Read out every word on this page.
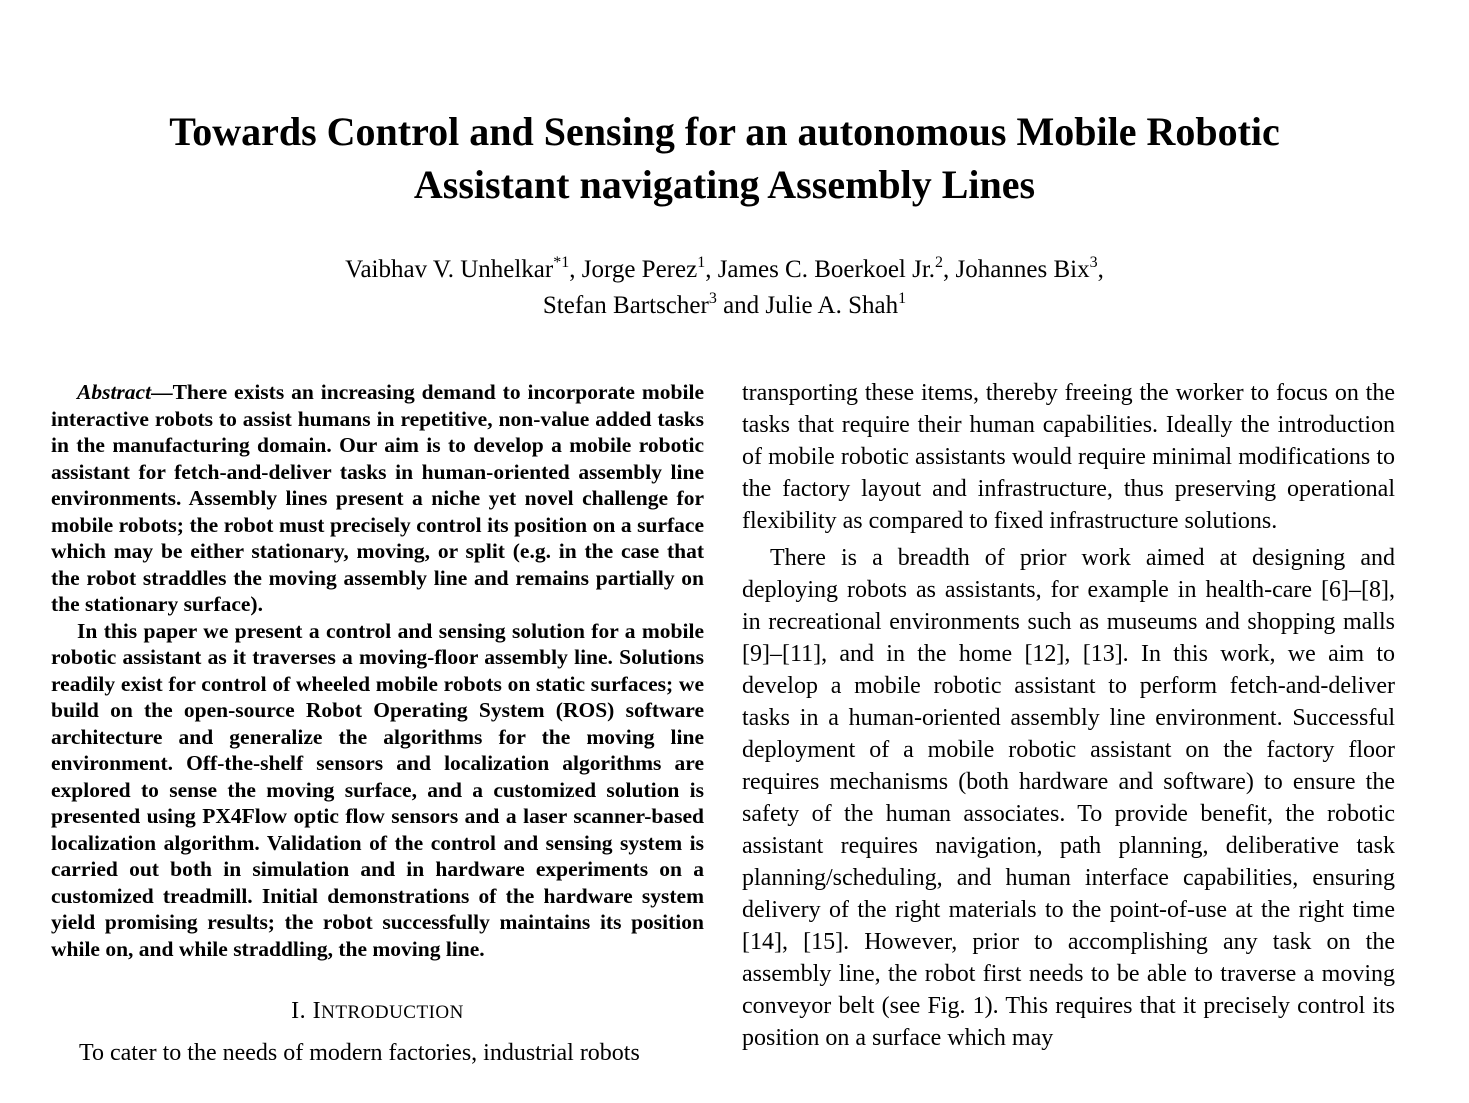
Towards Control and Sensing for an autonomous Mobile Robotic
Assistant navigating Assembly Lines
Vaibhav V. Unhelkar$^{*1}$, Jorge Perez$^1$, James C. Boerkoel Jr.$^2$, Johannes Bix$^3$,
Stefan Bartscher$^3$ and Julie A. Shah$^1$

Abstract—There exists an increasing demand to incorporate mobile interactive robots to assist humans in repetitive, non-value added tasks in the manufacturing domain. Our aim is to develop a mobile robotic assistant for fetch-and-deliver tasks in human-oriented assembly line environments. Assembly lines present a niche yet novel challenge for mobile robots; the robot must precisely control its position on a surface which may be either stationary, moving, or split (e.g. in the case that the robot straddles the moving assembly line and remains partially on the stationary surface).

In this paper we present a control and sensing solution for a mobile robotic assistant as it traverses a moving-floor assembly line. Solutions readily exist for control of wheeled mobile robots on static surfaces; we build on the open-source Robot Operating System (ROS) software architecture and generalize the algorithms for the moving line environment. Off-the-shelf sensors and localization algorithms are explored to sense the moving surface, and a customized solution is presented using PX4Flow optic flow sensors and a laser scanner-based localization algorithm. Validation of the control and sensing system is carried out both in simulation and in hardware experiments on a customized treadmill. Initial demonstrations of the hardware system yield promising results; the robot successfully maintains its position while on, and while straddling, the moving line.

I. INTRODUCTION

To cater to the needs of modern factories, industrial robots

transporting these items, thereby freeing the worker to focus on the tasks that require their human capabilities. Ideally the introduction of mobile robotic assistants would require minimal modifications to the factory layout and infrastructure, thus preserving operational flexibility as compared to fixed infrastructure solutions.

There is a breadth of prior work aimed at designing and deploying robots as assistants, for example in health-care [6]–[8], in recreational environments such as museums and shopping malls [9]–[11], and in the home [12], [13]. In this work, we aim to develop a mobile robotic assistant to perform fetch-and-deliver tasks in a human-oriented assembly line environment. Successful deployment of a mobile robotic assistant on the factory floor requires mechanisms (both hardware and software) to ensure the safety of the human associates. To provide benefit, the robotic assistant requires navigation, path planning, deliberative task planning/scheduling, and human interface capabilities, ensuring delivery of the right materials to the point-of-use at the right time [14], [15]. However, prior to accomplishing any task on the assembly line, the robot first needs to be able to traverse a moving conveyor belt (see Fig. 1). This requires that it precisely control its position on a surface which may
